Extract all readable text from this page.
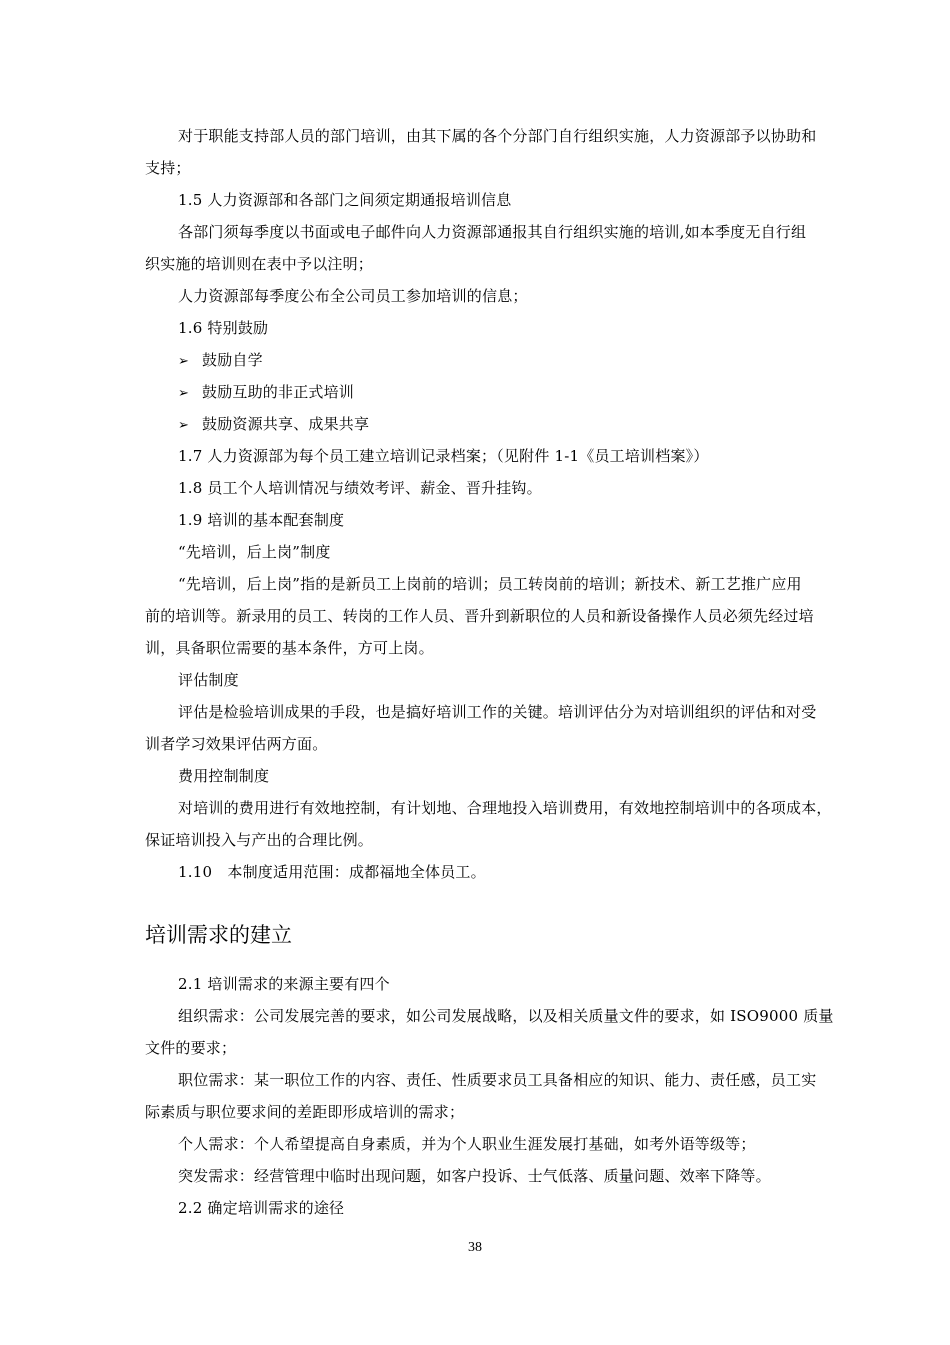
对于职能支持部人员的部门培训，由其下属的各个分部门自行组织实施，人力资源部予以协助和
支持；
1.5 人力资源部和各部门之间须定期通报培训信息
各部门须每季度以书面或电子邮件向人力资源部通报其自行组织实施的培训,如本季度无自行组
织实施的培训则在表中予以注明；
人力资源部每季度公布全公司员工参加培训的信息；
1.6 特别鼓励
➢ 鼓励自学
➢ 鼓励互助的非正式培训
➢ 鼓励资源共享、成果共享
1.7 人力资源部为每个员工建立培训记录档案；（见附件 1-1《员工培训档案》）
1.8 员工个人培训情况与绩效考评、薪金、晋升挂钩。
1.9 培训的基本配套制度
“先培训，后上岗”制度
“先培训，后上岗”指的是新员工上岗前的培训；员工转岗前的培训；新技术、新工艺推广应用
前的培训等。新录用的员工、转岗的工作人员、晋升到新职位的人员和新设备操作人员必须先经过培
训，具备职位需要的基本条件，方可上岗。
评估制度
评估是检验培训成果的手段，也是搞好培训工作的关键。培训评估分为对培训组织的评估和对受
训者学习效果评估两方面。
费用控制制度
对培训的费用进行有效地控制，有计划地、合理地投入培训费用，有效地控制培训中的各项成本，
保证培训投入与产出的合理比例。
1.10　本制度适用范围：成都福地全体员工。
培训需求的建立
2.1 培训需求的来源主要有四个
组织需求：公司发展完善的要求，如公司发展战略，以及相关质量文件的要求，如 ISO9000 质量
文件的要求；
职位需求：某一职位工作的内容、责任、性质要求员工具备相应的知识、能力、责任感，员工实
际素质与职位要求间的差距即形成培训的需求；
个人需求：个人希望提高自身素质，并为个人职业生涯发展打基础，如考外语等级等；
突发需求：经营管理中临时出现问题，如客户投诉、士气低落、质量问题、效率下降等。
2.2 确定培训需求的途径
38
